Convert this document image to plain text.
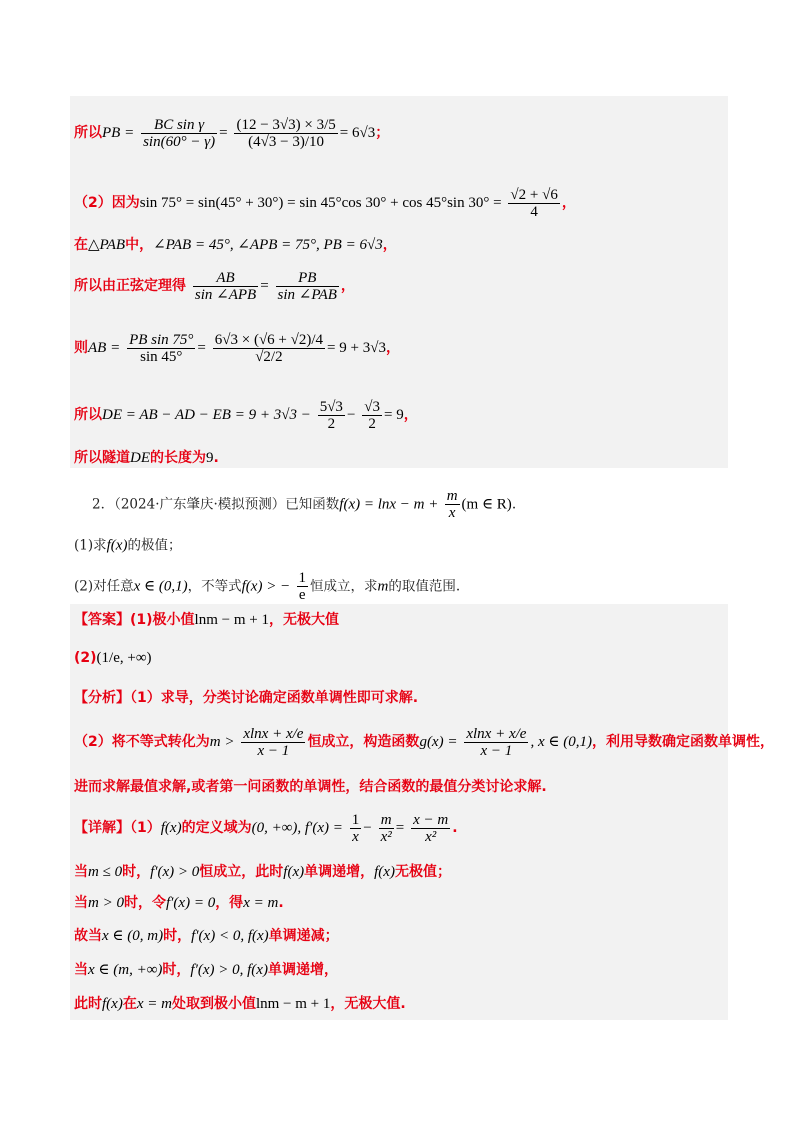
所以PB = $\frac{\text{BC sin γ}}{\sin(60^\circ - \gamma)} = \frac{(12 - 3√3) \times 3/5}{(4√3 - 3)/10} = 6√3$；
（2）因为sin 75° = sin(45° + 30°) = sin 45°cos 30° + cos 45°sin $30^\circ = \frac{√2 + √6}{4}$ ，
在△PAB中，∠PAB = 45°, ∠APB = 75°, PB = 6√3，
所以由正弦定理得 $\frac{AB}{\text{sin ∠APB}} = \frac{PB}{\text{sin ∠PAB}}$ ，
则AB = $\frac{\text{PB sin 75°}}{\sin 45^\circ} = \frac{6√3 \times (√6 + √2)/4}{√2/2} = 9 + 3√3$，
所以DE = AB − AD − EB = $9 + 3√3 - \frac{5√3}{2} - \frac{√3}{2} = 9$，
所以隧道DE的长度为9.
2．（2024·广东肇庆·模拟预测）已知函数$f(x) = \ln x - m + \frac{m}{x} (m$ ∈ R).
(1)求f(x)的极值；
(2)对任意x ∈ (0,1)，不等式f(x) > − $\frac{1}{e}$ 恒成立，求m的取值范围.
【答案】(1)极小值lnm − m + 1，无极大值
(2)(1/e, +∞)
【分析】（1）求导，分类讨论确定函数单调性即可求解.
（2）将不等式转化为$m > \frac{xlnx + x/e}{x - 1}$ 恒成立，构造函数$g(x) = \frac{xlnx + x/e}{x - 1}$ , x ∈ (0,1)，利用导数确定函数单调性，
进而求解最值求解,或者第一问函数的单调性，结合函数的最值分类讨论求解.
【详解】（1）f(x)的定义域为(0, +∞), $f'(x) = \frac{1}{x} - \frac{m}{\text{x²}} = \frac{x - m}{\text{x²}}$ .
当m ≤ 0时，f′(x) > 0恒成立，此时f(x)单调递增，f(x)无极值；
当m > 0时，令f′(x) = 0，得x = m.
故当x ∈ (0, m)时，f′(x) < 0, f(x)单调递减；
当x ∈ (m, +∞)时，f′(x) > 0, f(x)单调递增，
此时f(x)在x = m处取到极小值lnm − m + 1，无极大值.
